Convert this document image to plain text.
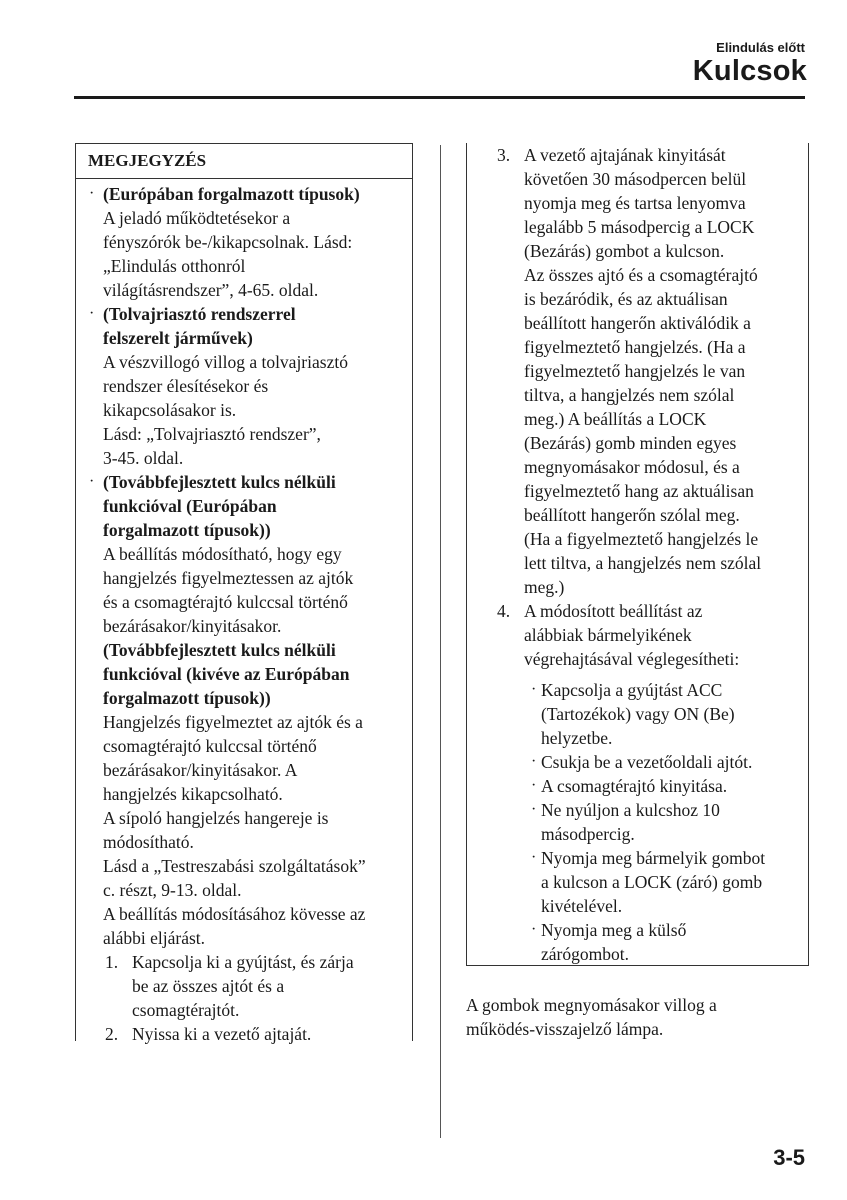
Elindulás előtt
Kulcsok
MEGJEGYZÉS
·
·
·
(Európában forgalmazott típusok)
A jeladó működtetésekor a
fényszórók be-/kikapcsolnak. Lásd:
„Elindulás otthonról
világításrendszer”, 4-65. oldal.
(Tolvajriasztó rendszerrel
felszerelt járművek)
A vészvillogó villog a tolvajriasztó
rendszer élesítésekor és
kikapcsolásakor is.
Lásd: „Tolvajriasztó rendszer”,
3-45. oldal.
(Továbbfejlesztett kulcs nélküli
funkcióval (Európában
forgalmazott típusok))
A beállítás módosítható, hogy egy
hangjelzés figyelmeztessen az ajtók
és a csomagtérajtó kulccsal történő
bezárásakor/kinyitásakor.
(Továbbfejlesztett kulcs nélküli
funkcióval (kivéve az Európában
forgalmazott típusok))
Hangjelzés figyelmeztet az ajtók és a
csomagtérajtó kulccsal történő
bezárásakor/kinyitásakor. A
hangjelzés kikapcsolható.
A sípoló hangjelzés hangereje is
módosítható.
Lásd a „Testreszabási szolgáltatások”
c. részt, 9-13. oldal.
A beállítás módosításához kövesse az
alábbi eljárást.
1. Kapcsolja ki a gyújtást, és zárja
be az összes ajtót és a
csomagtérajtót.
2. Nyissa ki a vezető ajtaját.
3. A vezető ajtajának kinyitását
követően 30 másodpercen belül
nyomja meg és tartsa lenyomva
legalább 5 másodpercig a LOCK
(Bezárás) gombot a kulcson.
Az összes ajtó és a csomagtérajtó
is bezáródik, és az aktuálisan
beállított hangerőn aktiválódik a
figyelmeztető hangjelzés. (Ha a
figyelmeztető hangjelzés le van
tiltva, a hangjelzés nem szólal
meg.) A beállítás a LOCK
(Bezárás) gomb minden egyes
megnyomásakor módosul, és a
figyelmeztető hang az aktuálisan
beállított hangerőn szólal meg.
(Ha a figyelmeztető hangjelzés le
lett tiltva, a hangjelzés nem szólal
meg.)
4. A módosított beállítást az
alábbiak bármelyikének
végrehajtásával véglegesítheti:
·
·
·
·
·
·
Kapcsolja a gyújtást ACC
(Tartozékok) vagy ON (Be)
helyzetbe.
Csukja be a vezetőoldali ajtót.
A csomagtérajtó kinyitása.
Ne nyúljon a kulcshoz 10
másodpercig.
Nyomja meg bármelyik gombot
a kulcson a LOCK (záró) gomb
kivételével.
Nyomja meg a külső
zárógombot.
A gombok megnyomásakor villog a
működés-visszajelző lámpa.
3-5
